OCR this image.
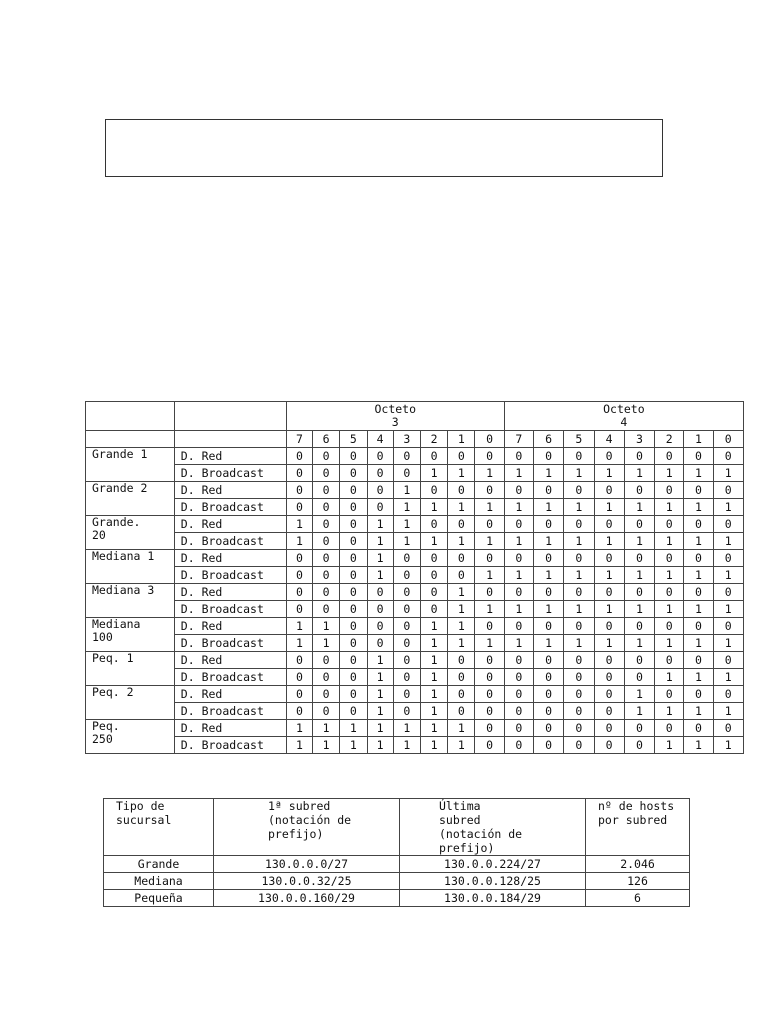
		Octeto
3								Octeto
4							
		7	6	5	4	3	2	1	0	7	6	5	4	3	2	1	0
Grande 1	D. Red	0	0	0	0	0	0	0	0	0	0	0	0	0	0	0	0
	D. Broadcast	0	0	0	0	0	1	1	1	1	1	1	1	1	1	1	1
Grande 2	D. Red	0	0	0	0	1	0	0	0	0	0	0	0	0	0	0	0
	D. Broadcast	0	0	0	0	1	1	1	1	1	1	1	1	1	1	1	1
Grande.
20	D. Red	1	0	0	1	1	0	0	0	0	0	0	0	0	0	0	0
	D. Broadcast	1	0	0	1	1	1	1	1	1	1	1	1	1	1	1	1
Mediana 1	D. Red	0	0	0	1	0	0	0	0	0	0	0	0	0	0	0	0
	D. Broadcast	0	0	0	1	0	0	0	1	1	1	1	1	1	1	1	1
Mediana 3	D. Red	0	0	0	0	0	0	1	0	0	0	0	0	0	0	0	0
	D. Broadcast	0	0	0	0	0	0	1	1	1	1	1	1	1	1	1	1
Mediana
100	D. Red	1	1	0	0	0	1	1	0	0	0	0	0	0	0	0	0
	D. Broadcast	1	1	0	0	0	1	1	1	1	1	1	1	1	1	1	1
Peq. 1	D. Red	0	0	0	1	0	1	0	0	0	0	0	0	0	0	0	0
	D. Broadcast	0	0	0	1	0	1	0	0	0	0	0	0	0	1	1	1
Peq. 2	D. Red	0	0	0	1	0	1	0	0	0	0	0	0	1	0	0	0
	D. Broadcast	0	0	0	1	0	1	0	0	0	0	0	0	1	1	1	1
Peq.
250	D. Red	1	1	1	1	1	1	1	0	0	0	0	0	0	0	0	0
	D. Broadcast	1	1	1	1	1	1	1	0	0	0	0	0	0	1	1	1
Tipo de
sucursal	1ª subred
(notación de
prefijo)	Última
subred
(notación de
prefijo)	nº de hosts
por subred
Grande	130.0.0.0/27	130.0.0.224/27	2.046
Mediana	130.0.0.32/25	130.0.0.128/25	126
Pequeña	130.0.0.160/29	130.0.0.184/29	6
